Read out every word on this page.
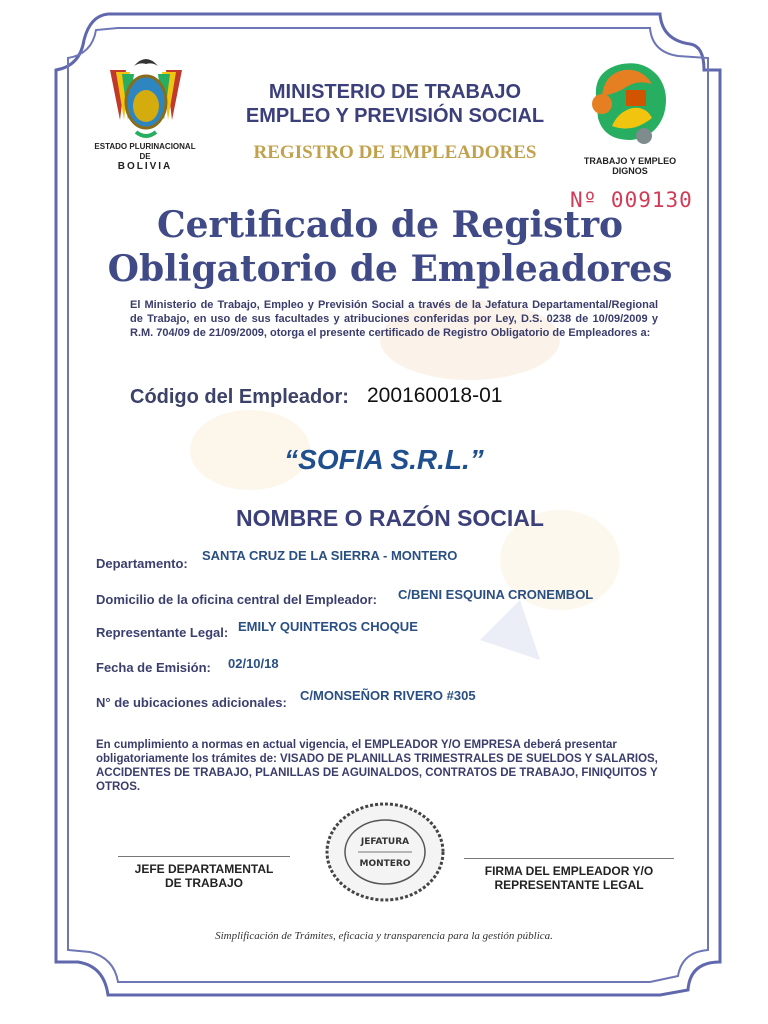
ESTADO PLURINACIONAL
DE
BOLIVIA
MINISTERIO DE TRABAJO
EMPLEO Y PREVISIÓN SOCIAL
REGISTRO DE EMPLEADORES	TRABAJO Y EMPLEO
DIGNOS
Nº 009130
Certificado de Registro
Obligatorio de Empleadores
El Ministerio de Trabajo, Empleo y Previsión Social a través de la Jefatura Departamental/Regional de Trabajo, en uso de sus facultades y atribuciones conferidas por Ley, D.S. 0238 de 10/09/2009 y R.M. 704/09 de 21/09/2009, otorga el presente certificado de Registro Obligatorio de Empleadores a:
Código del Empleador: 200160018-01
“SOFIA S.R.L.”
NOMBRE O RAZÓN SOCIAL
Departamento:
SANTA CRUZ DE LA SIERRA - MONTERO
Domicilio de la oficina central del Empleador: C/BENI ESQUINA CRONEMBOL
Representante Legal: EMILY QUINTEROS CHOQUE
Fecha de Emisión: 02/10/18
N° de ubicaciones adicionales: C/MONSEÑOR RIVERO #305
En cumplimiento a normas en actual vigencia, el EMPLEADOR Y/O EMPRESA deberá presentar obligatoriamente los trámites de: VISADO DE PLANILLAS TRIMESTRALES DE SUELDOS Y SALARIOS, ACCIDENTES DE TRABAJO, PLANILLAS DE AGUINALDOS, CONTRATOS DE TRABAJO, FINIQUITOS Y OTROS.
JEFE DEPARTAMENTAL
DE TRABAJO
FIRMA DEL EMPLEADOR Y/O
REPRESENTANTE LEGAL
JEFATURA
MONTERO
Simplificación de Trámites, eficacia y transparencia para la gestión pública.
